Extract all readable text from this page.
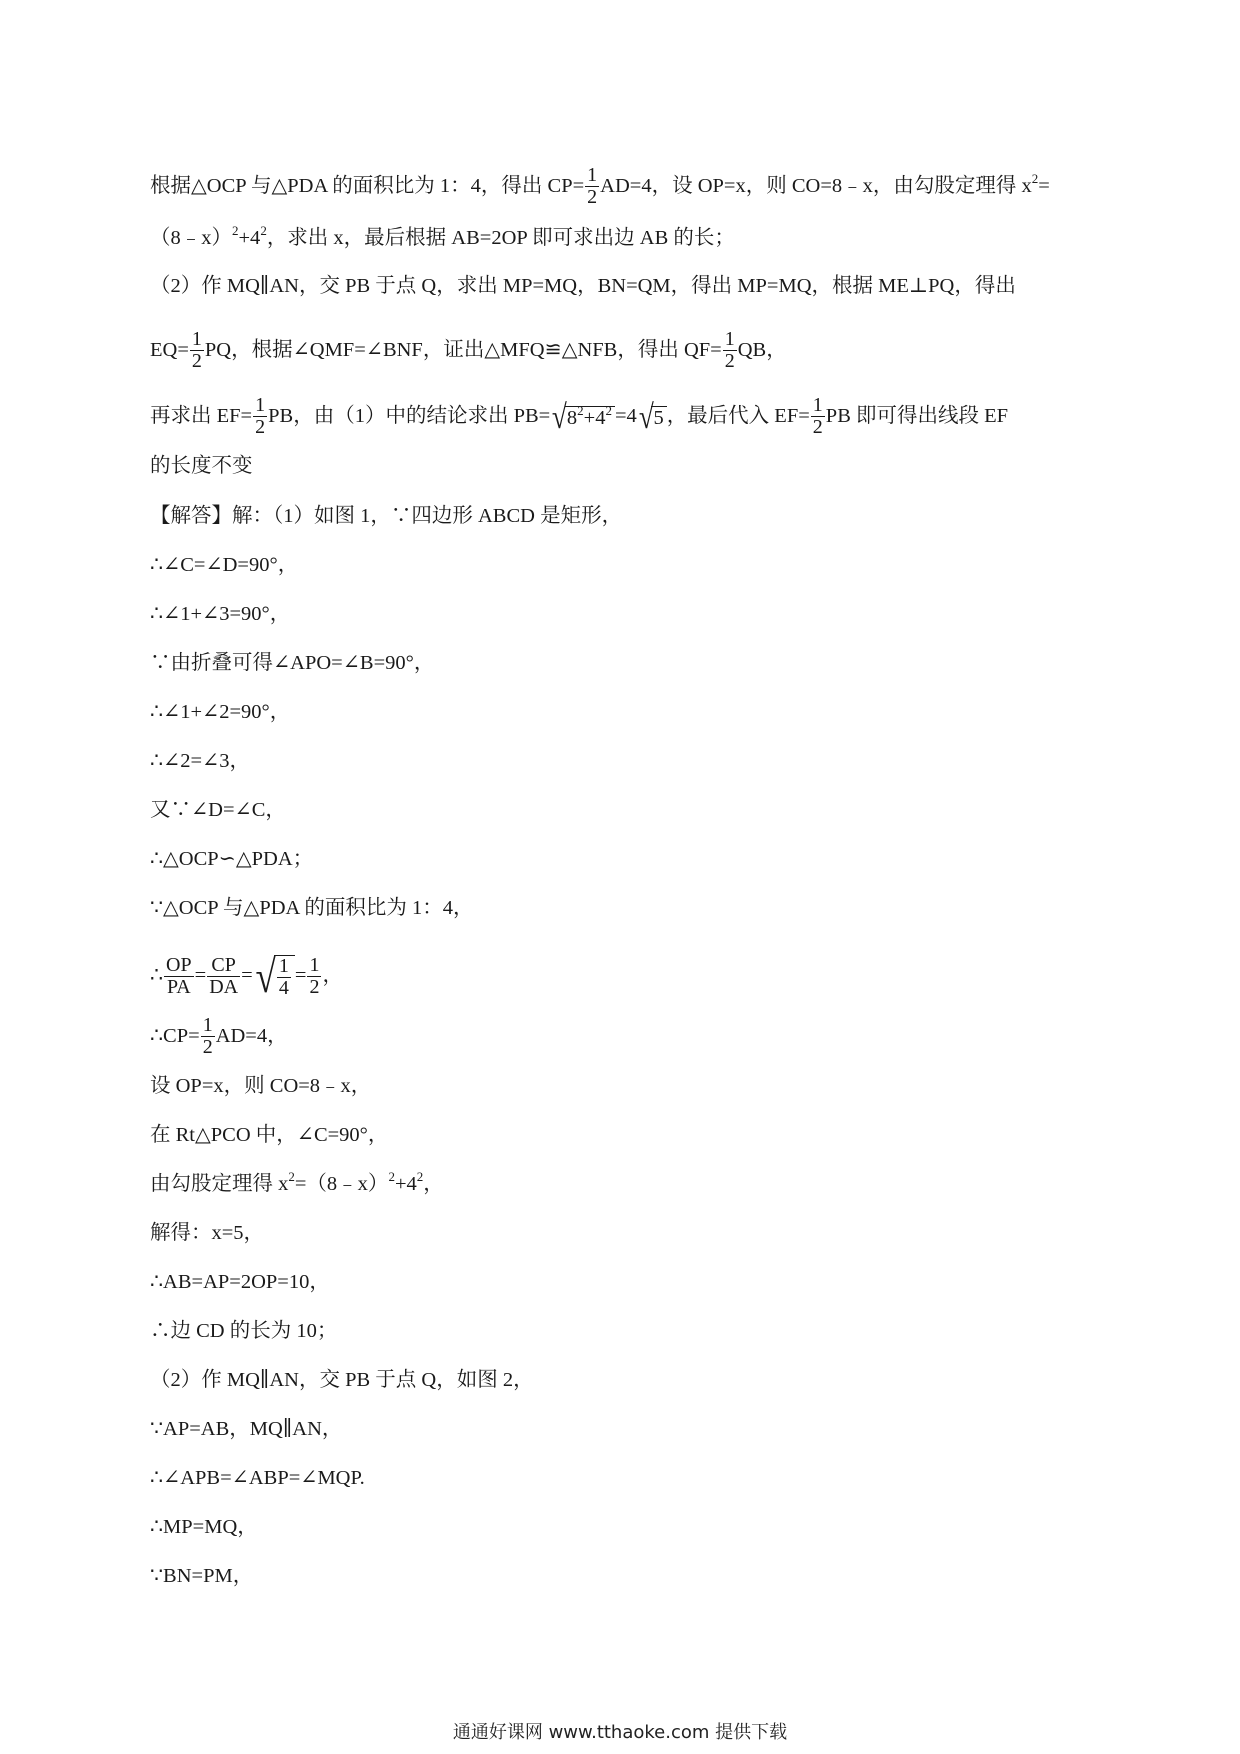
根据△OCP 与△PDA 的面积比为 1：4，得出 $CP= \frac{1}{2} AD=4$，设 OP=x，则 CO=8﹣x，由勾股定理得 $x^2=$
$(8﹣x)^2+4^2$，求出 x，最后根据 AB=2OP 即可求出边 AB 的长；
（2）作 MQ∥AN，交 PB 于点 Q，求出 MP=MQ，BN=QM，得出 MP=MQ，根据 ME⊥PQ，得出
$EQ= \frac{1}{2}$ PQ，根据∠QMF=∠BNF，证出△MFQ≌△NFB，得出 $QF= \frac{1}{2}$ QB，
再求出 $EF= \frac{1}{2}$ PB，由（1）中的结论求出 $PB=√8^2+4^2 =4√5$ ，最后代入 $EF= \frac{1}{2}$ PB 即可得出线段 EF
的长度不变
【解答】解：（1）如图 1，∵四边形 ABCD 是矩形，
∴∠C=∠D=90°，
∴∠1+∠3=90°，
∵由折叠可得∠APO=∠B=90°，
∴∠1+∠2=90°，
∴∠2=∠3，
又∵∠D=∠C，
∴△OCP∽△PDA；
∵△OCP 与△PDA 的面积比为 1：4，
∴ $\frac{OP}{PA} = \frac{CP}{DA}$ =√ $\frac{1}{4} = \frac{1}{2}$ ，
∴CP= $\frac{1}{2} AD=4$，
设 OP=x，则 CO=8﹣x，
在 Rt△PCO 中，∠C=90°，
由勾股定理得 $x^2=(8﹣x)^2+4^2$，
解得：x=5，
∴AB=AP=2OP=10，
∴边 CD 的长为 10；
（2）作 MQ∥AN，交 PB 于点 Q，如图 2，
∵AP=AB，MQ∥AN，
∴∠APB=∠ABP=∠MQP.
∴MP=MQ，
∵BN=PM，
通通好课网 www.tthaoke.com 提供下载
